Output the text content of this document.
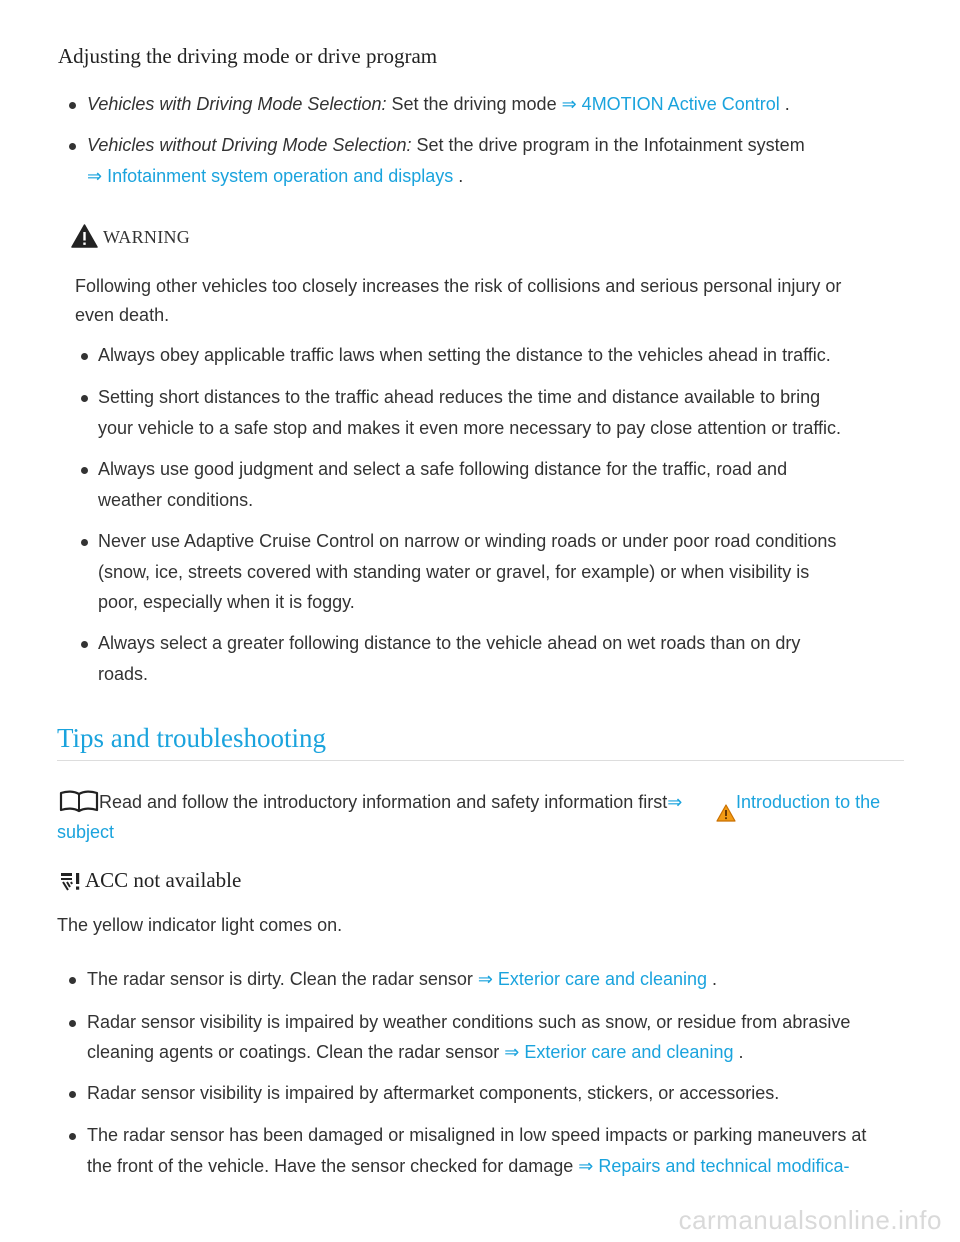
Adjusting the driving mode or drive program
Vehicles with Driving Mode Selection: Set the driving mode ⇒ 4MOTION Active Control .
Vehicles without Driving Mode Selection: Set the drive program in the Infotainment system
⇒ Infotainment system operation and displays .
WARNING
Following other vehicles too closely increases the risk of collisions and serious personal injury or
even death.
Always obey applicable traffic laws when setting the distance to the vehicles ahead in traffic.
Setting short distances to the traffic ahead reduces the time and distance available to bring
your vehicle to a safe stop and makes it even more necessary to pay close attention or traffic.
Always use good judgment and select a safe following distance for the traffic, road and
weather conditions.
Never use Adaptive Cruise Control on narrow or winding roads or under poor road conditions
(snow, ice, streets covered with standing water or gravel, for example) or when visibility is
poor, especially when it is foggy.
Always select a greater following distance to the vehicle ahead on wet roads than on dry
roads.
Tips and troubleshooting
Read and follow the introductory information and safety information first⇒	Introduction to the
subject
ACC not available
The yellow indicator light comes on.
The radar sensor is dirty. Clean the radar sensor ⇒ Exterior care and cleaning .
Radar sensor visibility is impaired by weather conditions such as snow, or residue from abrasive
cleaning agents or coatings. Clean the radar sensor ⇒ Exterior care and cleaning .
Radar sensor visibility is impaired by aftermarket components, stickers, or accessories.
The radar sensor has been damaged or misaligned in low speed impacts or parking maneuvers at
the front of the vehicle. Have the sensor checked for damage ⇒ Repairs and technical modifica-
carmanualsonline.info
